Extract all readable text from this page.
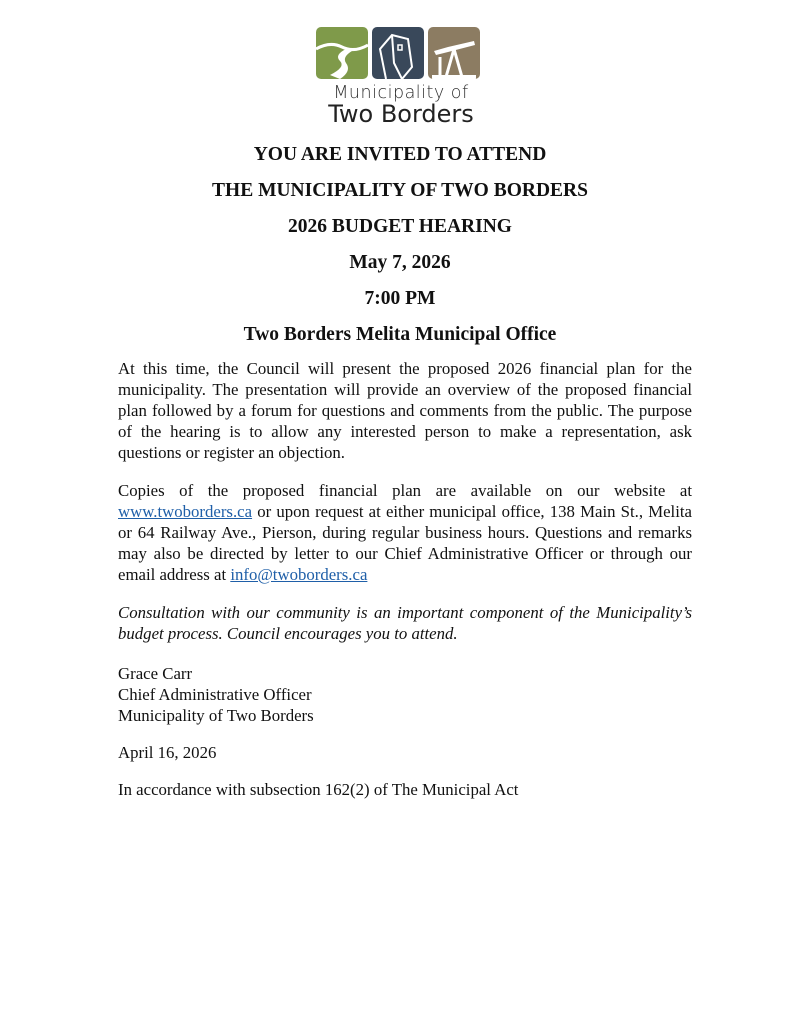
Municipality of
Two Borders
YOU ARE INVITED TO ATTEND
THE MUNICIPALITY OF TWO BORDERS
2026 BUDGET HEARING
May 7, 2026
7:00 PM
Two Borders Melita Municipal Office
At this time, the Council will present the proposed 2026 financial plan for the municipality. The presentation will provide an overview of the proposed financial plan followed by a forum for questions and comments from the public. The purpose of the hearing is to allow any interested person to make a representation, ask questions or register an objection.
Copies of the proposed financial plan are available on our website at www.twoborders.ca or upon request at either municipal office, 138 Main St., Melita or 64 Railway Ave., Pierson, during regular business hours. Questions and remarks may also be directed by letter to our Chief Administrative Officer or through our email address at info@twoborders.ca
Consultation with our community is an important component of the Municipality’s budget process. Council encourages you to attend.
Grace Carr
Chief Administrative Officer
Municipality of Two Borders
April 16, 2026
In accordance with subsection 162(2) of The Municipal Act
